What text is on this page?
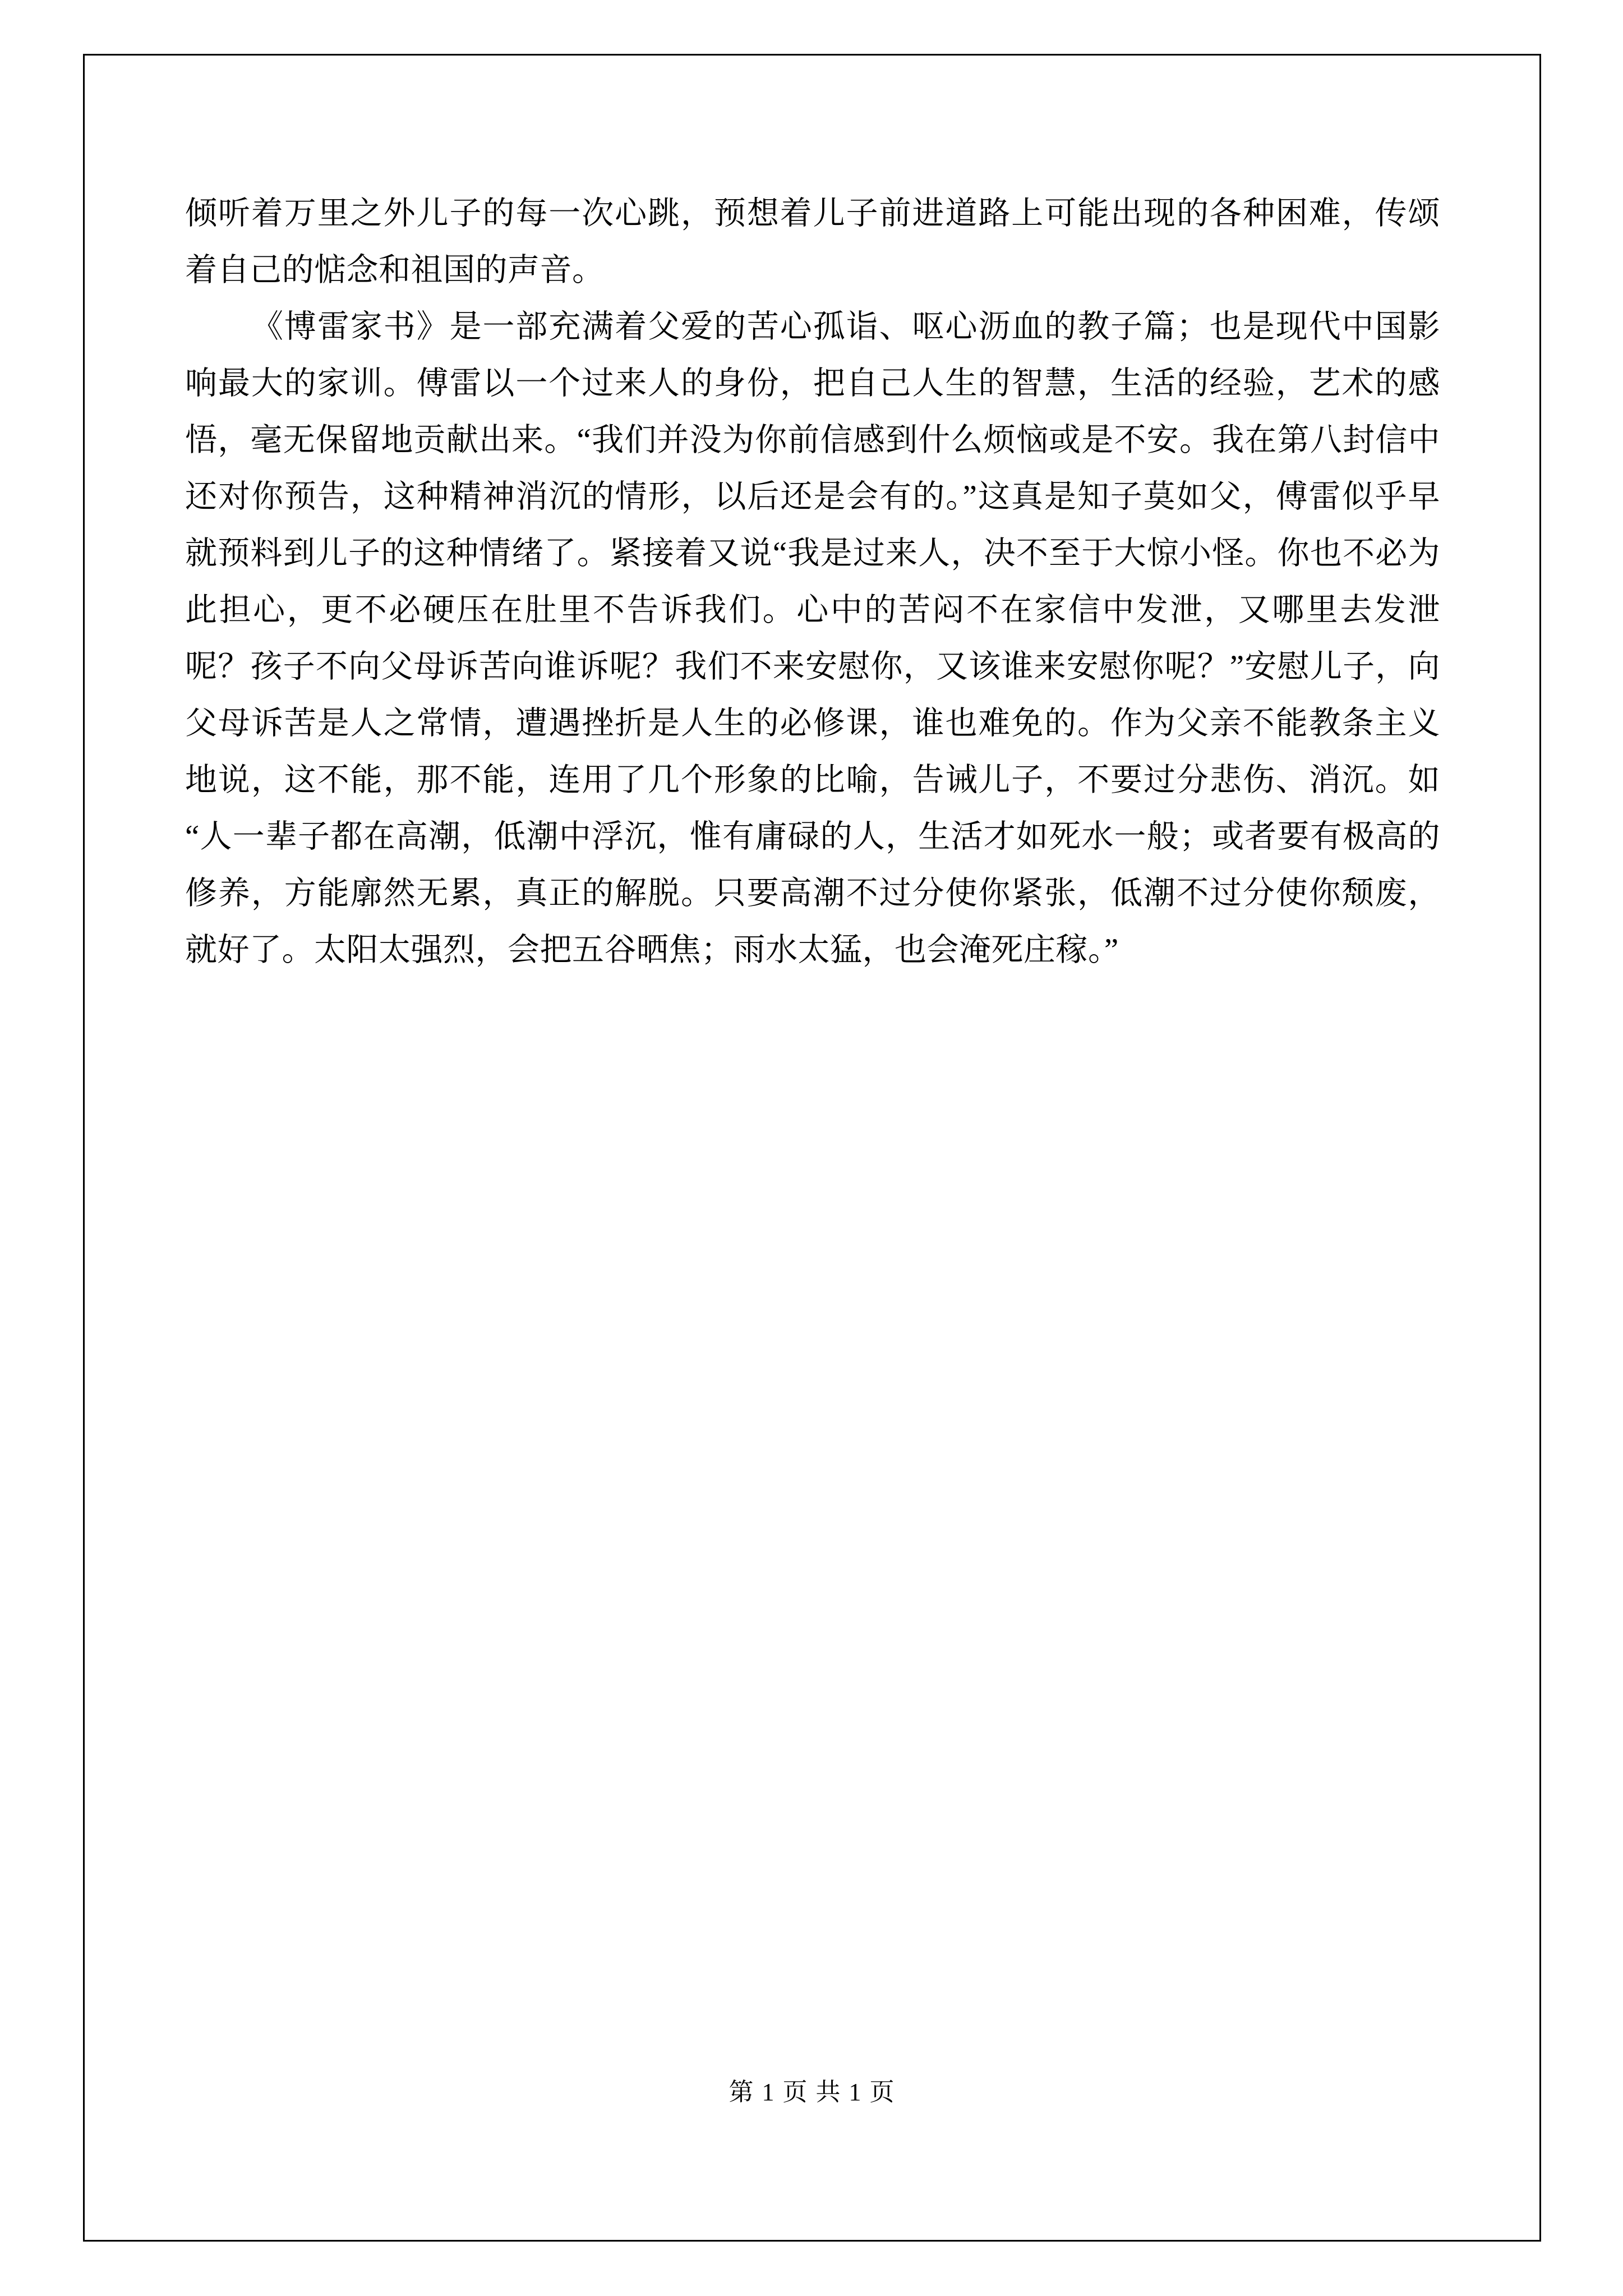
倾听着万里之外儿子的每一次心跳，预想着儿子前进道路上可能出现的各种困难，传颂着自己的惦念和祖国的声音。

《博雷家书》是一部充满着父爱的苦心孤诣、呕心沥血的教子篇；也是现代中国影响最大的家训。傅雷以一个过来人的身份，把自己人生的智慧，生活的经验，艺术的感悟，毫无保留地贡献出来。“我们并没为你前信感到什么烦恼或是不安。我在第八封信中还对你预告，这种精神消沉的情形，以后还是会有的。”这真是知子莫如父，傅雷似乎早就预料到儿子的这种情绪了。紧接着又说“我是过来人，决不至于大惊小怪。你也不必为此担心，更不必硬压在肚里不告诉我们。心中的苦闷不在家信中发泄，又哪里去发泄呢？孩子不向父母诉苦向谁诉呢？我们不来安慰你，又该谁来安慰你呢？”安慰儿子，向父母诉苦是人之常情，遭遇挫折是人生的必修课，谁也难免的。作为父亲不能教条主义地说，这不能，那不能，连用了几个形象的比喻，告诫儿子，不要过分悲伤、消沉。如“人一辈子都在高潮，低潮中浮沉，惟有庸碌的人，生活才如死水一般；或者要有极高的修养，方能廓然无累，真正的解脱。只要高潮不过分使你紧张，低潮不过分使你颓废，就好了。太阳太强烈，会把五谷晒焦；雨水太猛，也会淹死庄稼。”

第 1 页 共 1 页
